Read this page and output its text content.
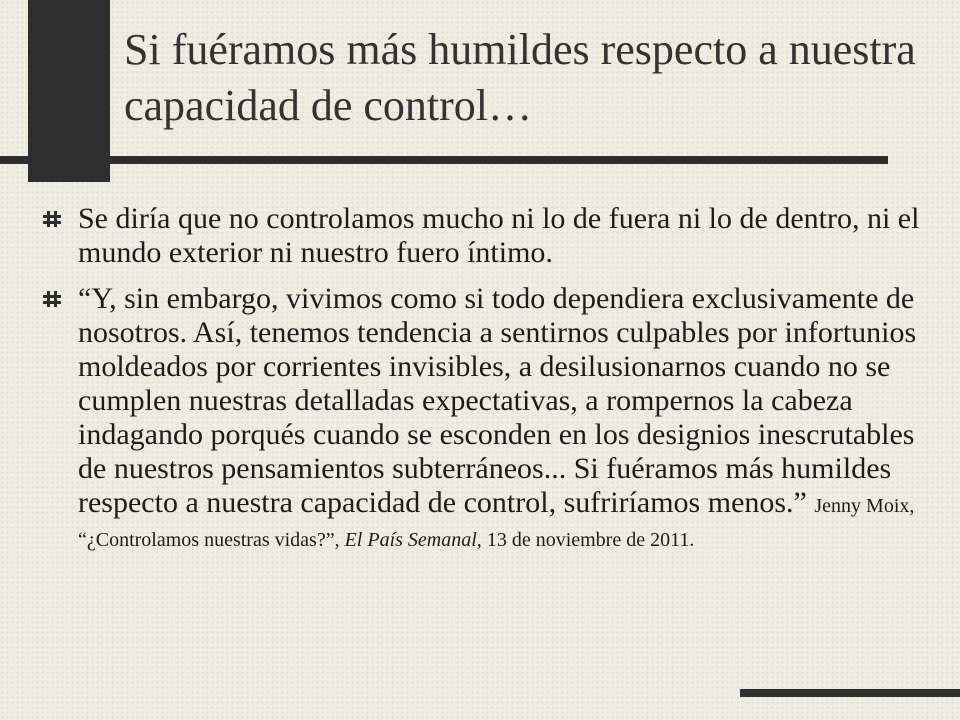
Si fuéramos más humildes respecto a nuestra capacidad de control…
Se diría que no controlamos mucho ni lo de fuera ni lo de dentro, ni el mundo exterior ni nuestro fuero íntimo.
“Y, sin embargo, vivimos como si todo dependiera exclusivamente de nosotros. Así, tenemos tendencia a sentirnos culpables por infortunios moldeados por corrientes invisibles, a desilusionarnos cuando no se cumplen nuestras detalladas expectativas, a rompernos la cabeza indagando porqués cuando se esconden en los designios inescrutables de nuestros pensamientos subterráneos... Si fuéramos más humildes respecto a nuestra capacidad de control, sufriríamos menos.” Jenny Moix, “¿Controlamos nuestras vidas?”, El País Semanal, 13 de noviembre de 2011.
